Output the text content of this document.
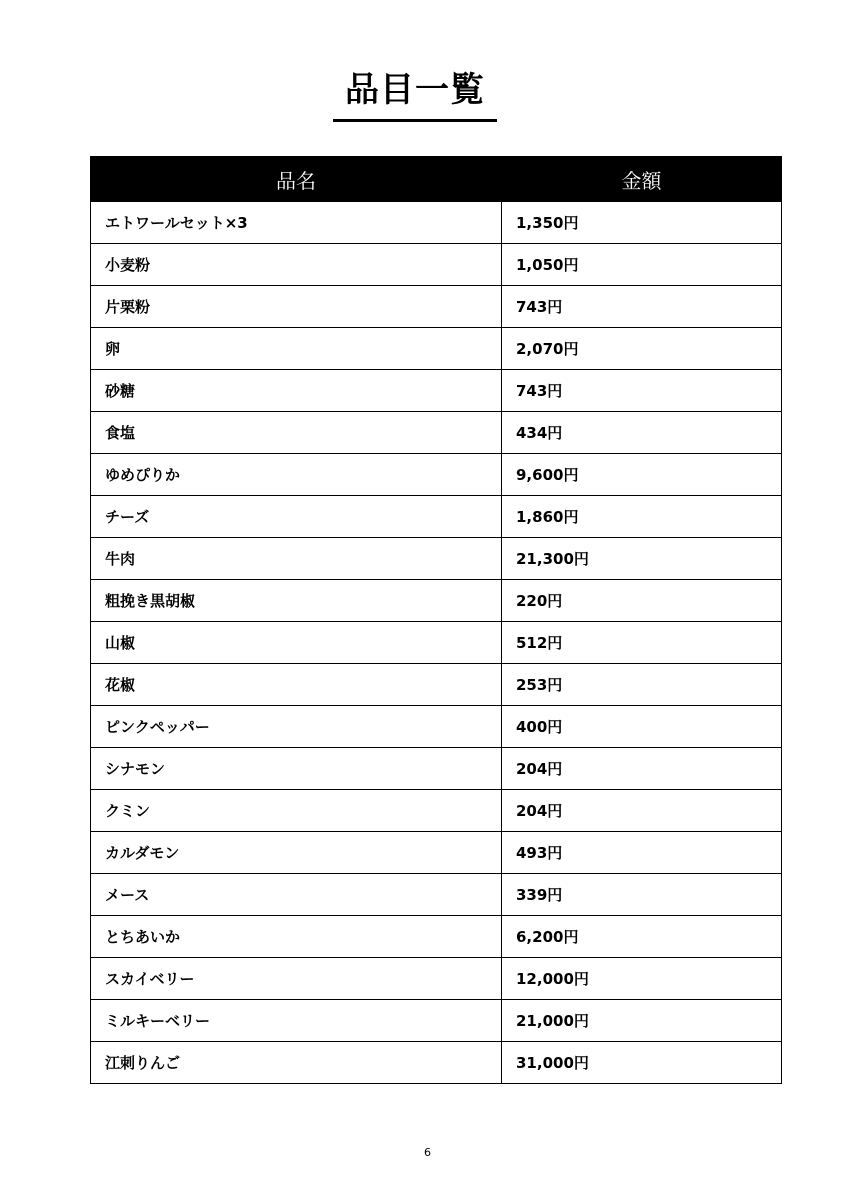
品目一覧
品名	金額
エトワールセット×3	1,350円
小麦粉	1,050円
片栗粉	743円
卵	2,070円
砂糖	743円
食塩	434円
ゆめぴりか	9,600円
チーズ	1,860円
牛肉	21,300円
粗挽き黒胡椒	220円
山椒	512円
花椒	253円
ピンクペッパー	400円
シナモン	204円
クミン	204円
カルダモン	493円
メース	339円
とちあいか	6,200円
スカイベリー	12,000円
ミルキーベリー	21,000円
江刺りんご	31,000円
6
